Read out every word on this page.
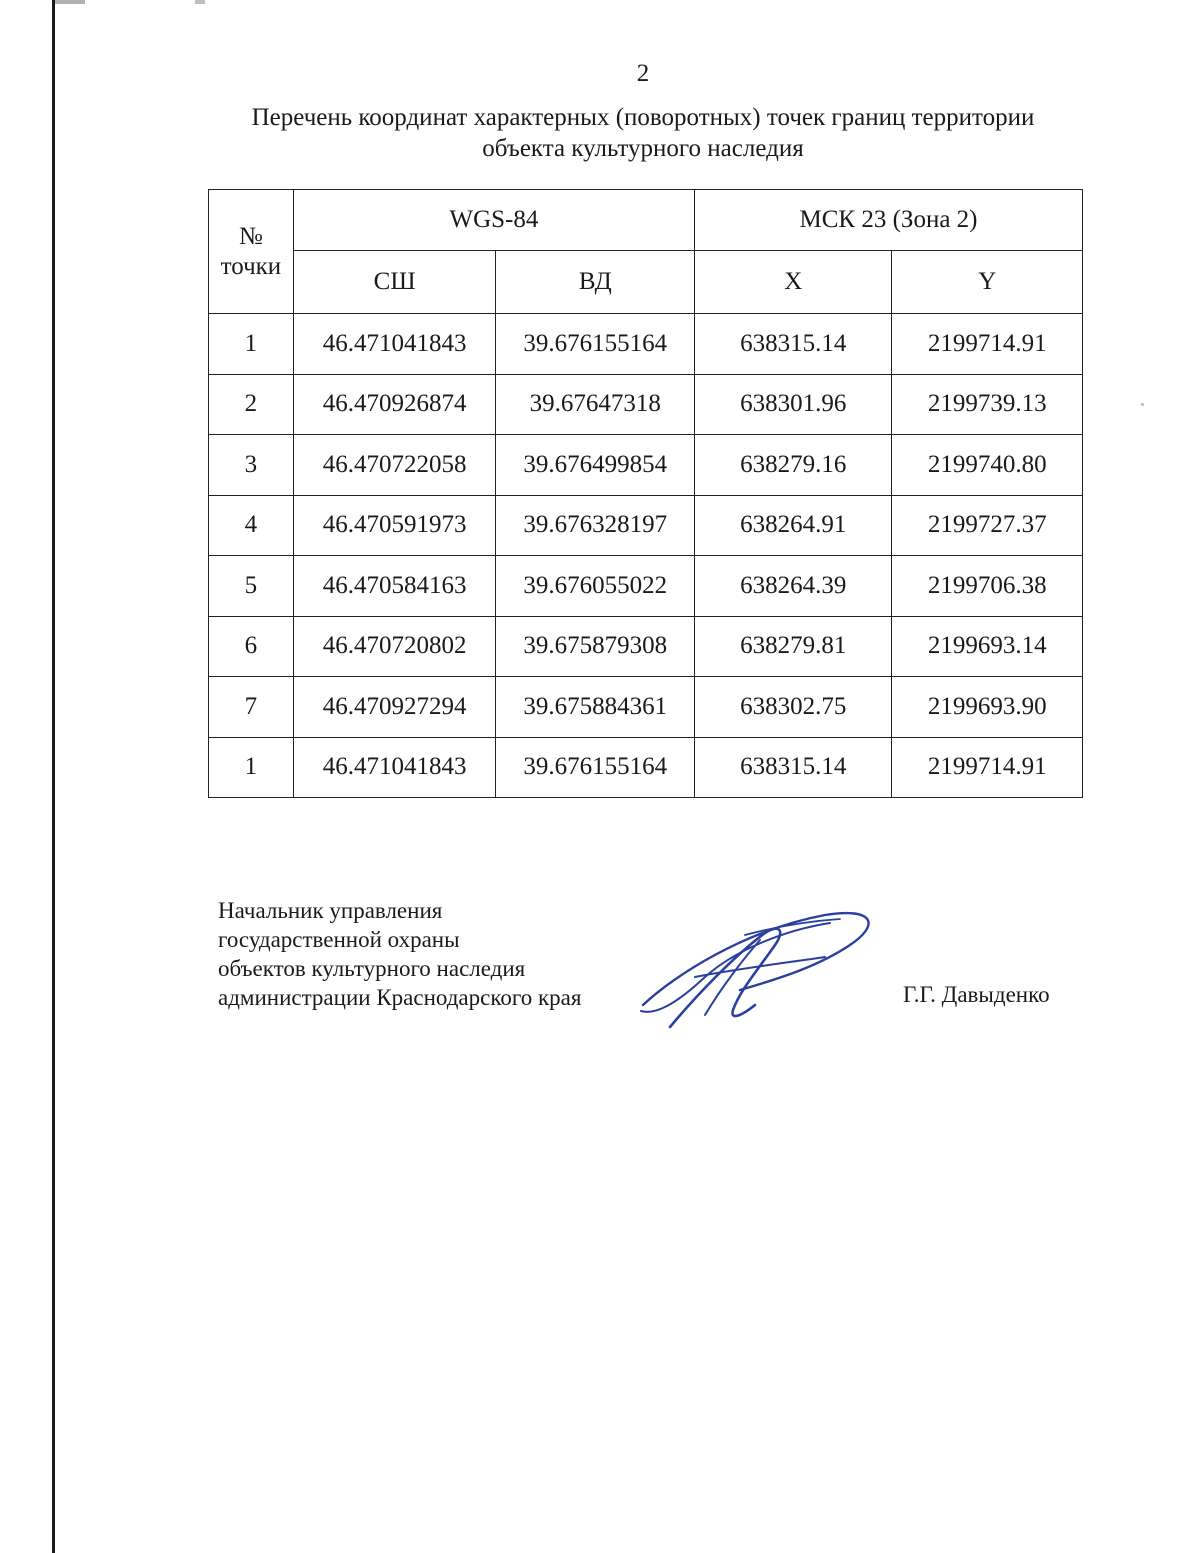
2
Перечень координат характерных (поворотных) точек границ территории
объекта культурного наследия
№
точки	WGS-84		МСК 23 (Зона 2)	
	СШ	ВД	X	Y
1	46.471041843	39.676155164	638315.14	2199714.91
2	46.470926874	39.67647318	638301.96	2199739.13
3	46.470722058	39.676499854	638279.16	2199740.80
4	46.470591973	39.676328197	638264.91	2199727.37
5	46.470584163	39.676055022	638264.39	2199706.38
6	46.470720802	39.675879308	638279.81	2199693.14
7	46.470927294	39.675884361	638302.75	2199693.90
1	46.471041843	39.676155164	638315.14	2199714.91
Начальник управления
государственной охраны
объектов культурного наследия
администрации Краснодарского края	Г.Г. Давыденко
